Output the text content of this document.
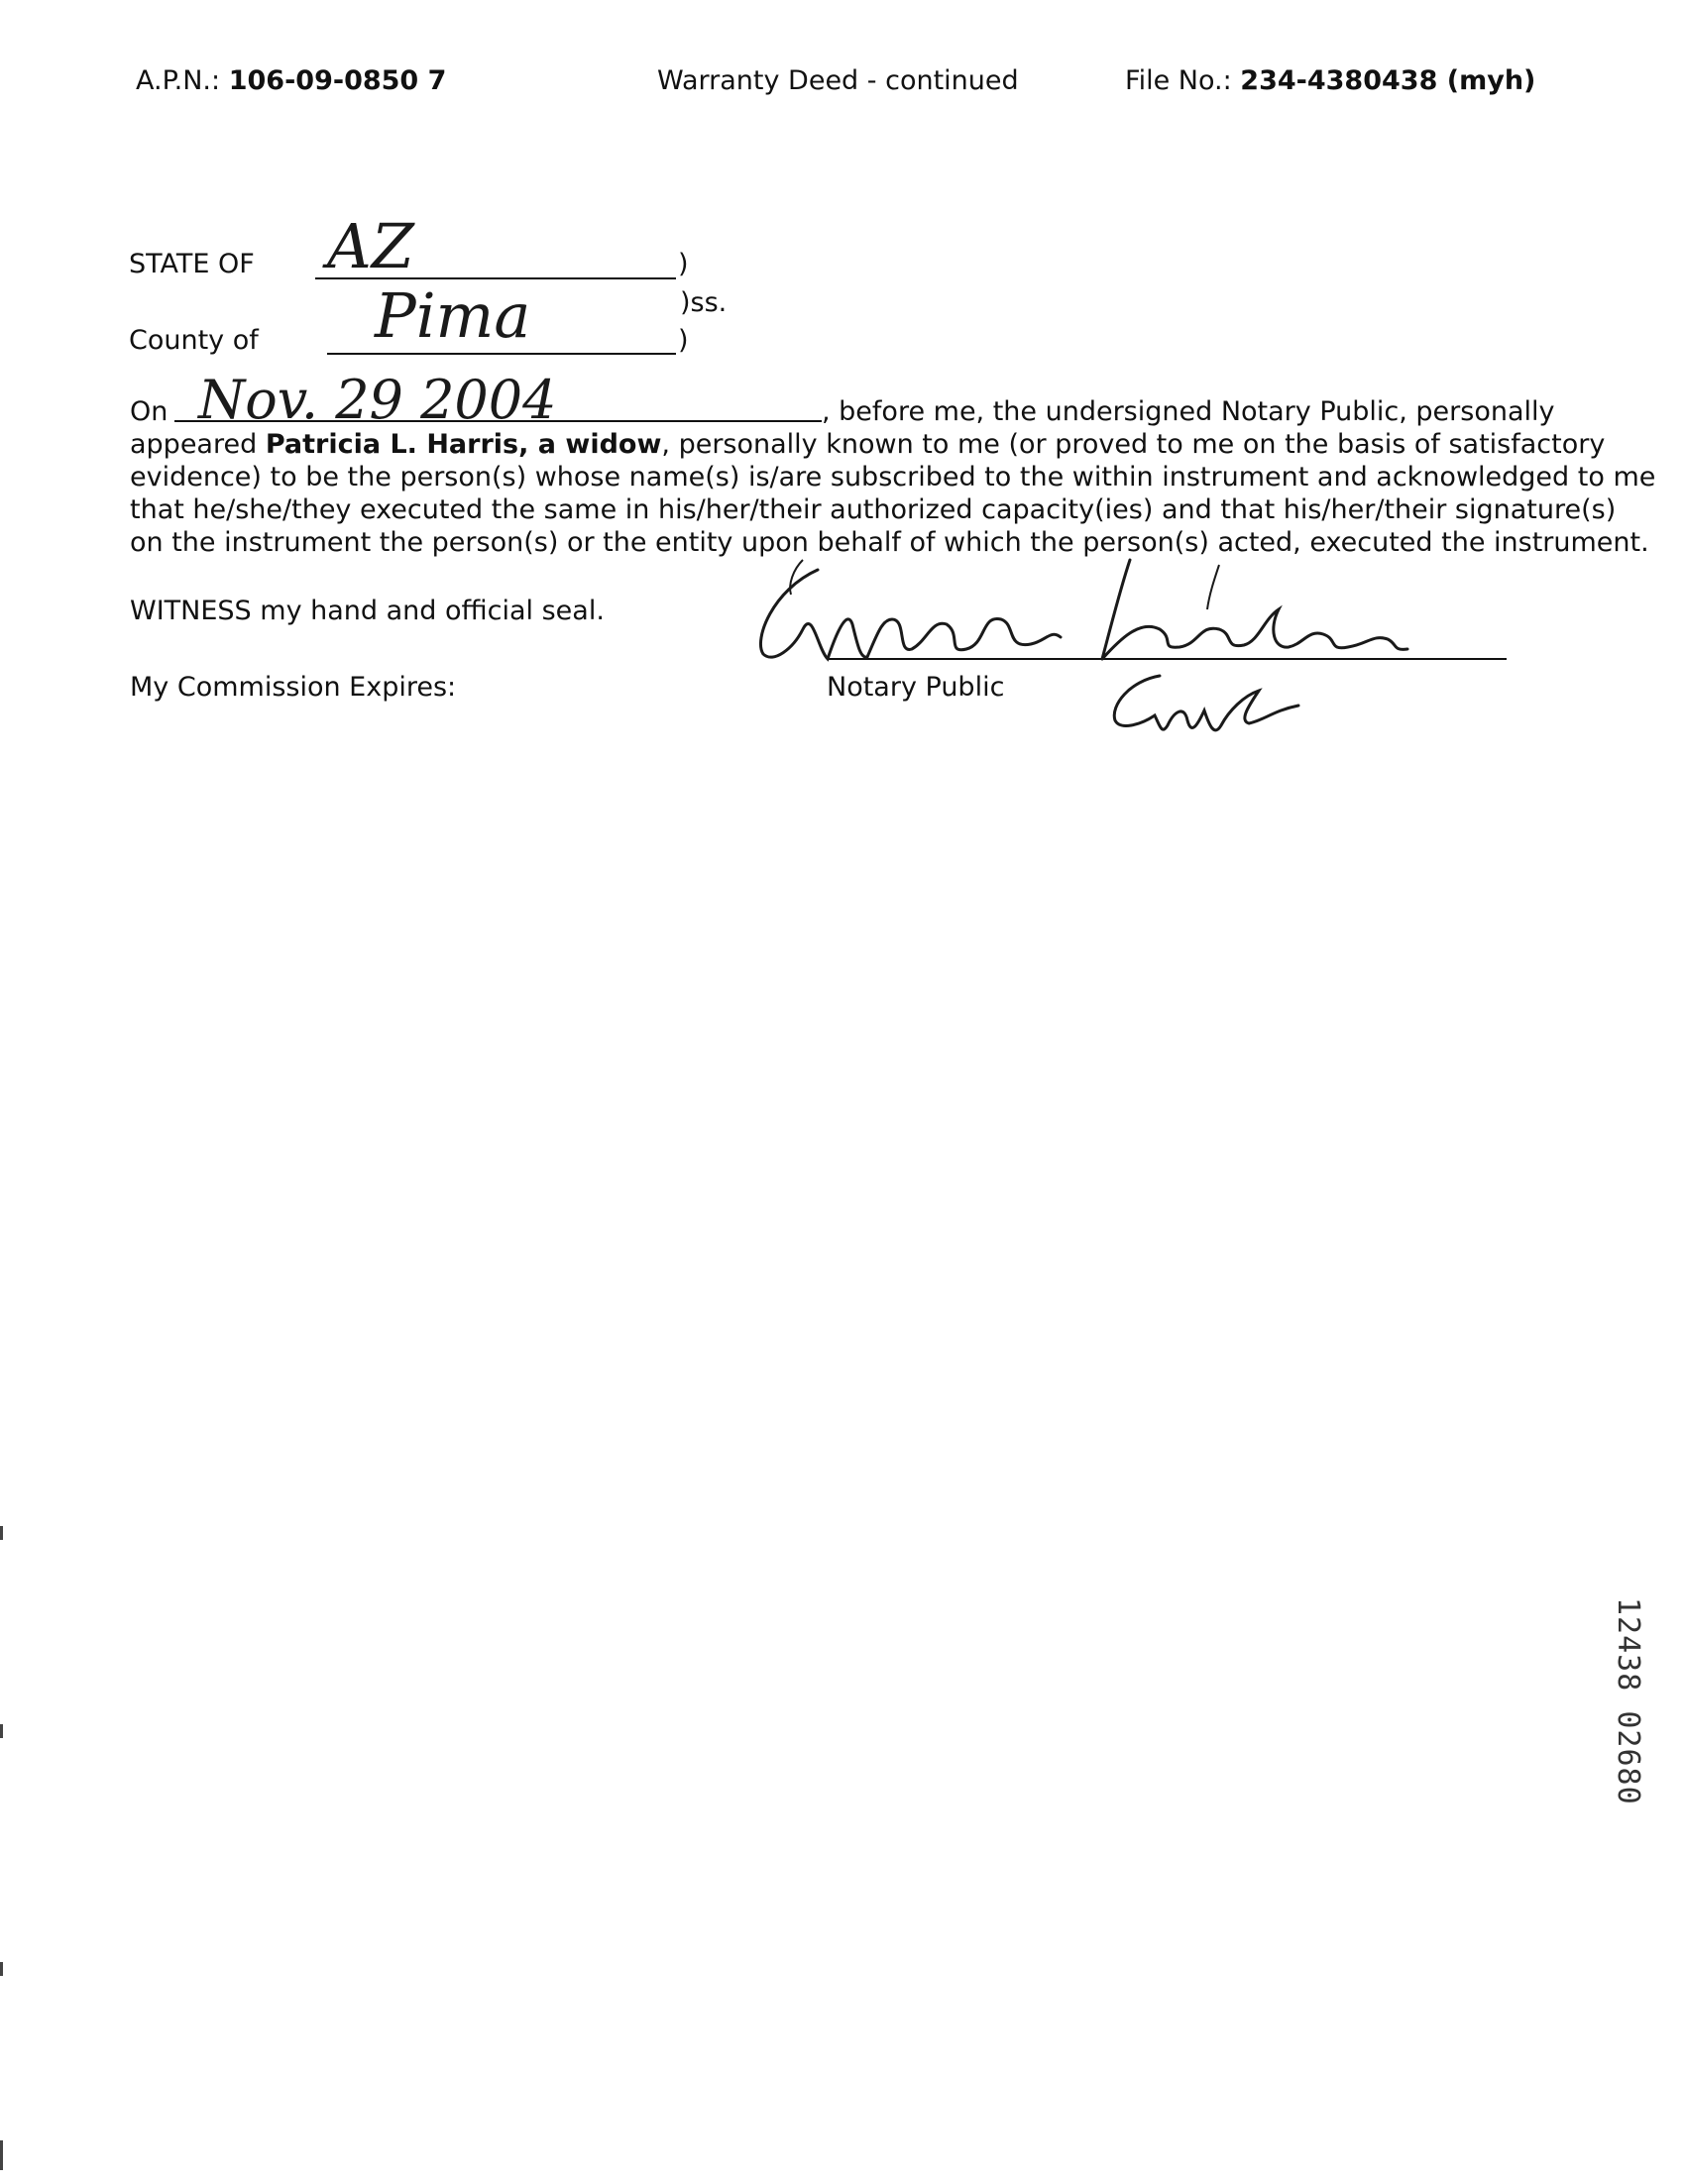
A.P.N.: 106-09-0850 7	Warranty Deed - continued	File No.: 234-4380438 (myh)
STATE OF AZ	)
)ss.
County of Pima	)
On Nov. 29 2004	, before me, the undersigned Notary Public, personally
appeared Patricia L. Harris, a widow, personally known to me (or proved to me on the basis of satisfactory
evidence) to be the person(s) whose name(s) is/are subscribed to the within instrument and acknowledged to me
that he/she/they executed the same in his/her/their authorized capacity(ies) and that his/her/their signature(s)
on the instrument the person(s) or the entity upon behalf of which the person(s) acted, executed the instrument.
WITNESS my hand and official seal.
My Commission Expires:	Notary Public
12438 02680
